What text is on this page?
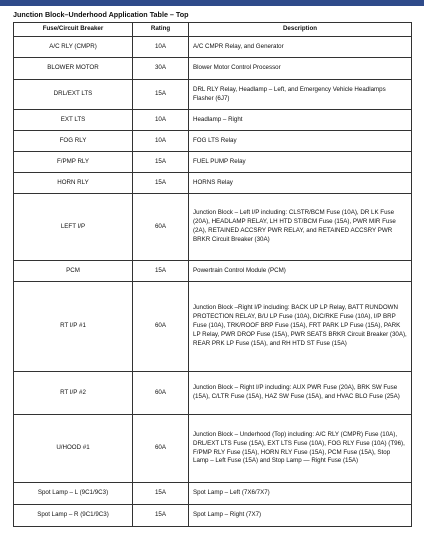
Junction Block–Underhood Application Table – Top
Fuse/Circuit Breaker	Rating	Description
A/C RLY (CMPR)	10A	A/C CMPR Relay, and Generator
BLOWER MOTOR	30A	Blower Motor Control Processor
DRL/EXT LTS	15A	DRL RLY Relay, Headlamp – Left, and Emergency Vehicle Headlamps Flasher (6J7)
EXT LTS	10A	Headlamp – Right
FOG RLY	10A	FOG LTS Relay
F/PMP RLY	15A	FUEL PUMP Relay
HORN RLY	15A	HORNS Relay
LEFT I/P	60A	Junction Block – Left I/P including: CLSTR/BCM Fuse (10A), DR LK Fuse (20A), HEADLAMP RELAY, LH HTD ST/BCM Fuse (15A), PWR MIR Fuse (2A), RETAINED ACCSRY PWR RELAY, and RETAINED ACCSRY PWR BRKR Circuit Breaker (30A)
PCM	15A	Powertrain Control Module (PCM)
RT I/P #1	60A	Junction Block –Right I/P including: BACK UP LP Relay, BATT RUNDOWN PROTECTION RELAY, B/U LP Fuse (10A), DIC/RKE Fuse (10A), I/P BRP Fuse (10A), TRK/ROOF BRP Fuse (15A), FRT PARK LP Fuse (15A), PARK LP Relay, PWR DROP Fuse (15A), PWR SEATS BRKR Circuit Breaker (30A), REAR PRK LP Fuse (15A), and RH HTD ST Fuse (15A)
RT I/P #2	60A	Junction Block – Right I/P including: AUX PWR Fuse (20A), BRK SW Fuse (15A), C/LTR Fuse (15A), HAZ SW Fuse (15A), and HVAC BLO Fuse (25A)
U/HOOD #1	60A	Junction Block – Underhood (Top) including: A/C RLY (CMPR) Fuse (10A), DRL/EXT LTS Fuse (15A), EXT LTS Fuse (10A), FOG RLY Fuse (10A) (T96), F/PMP RLY Fuse (15A), HORN RLY Fuse (15A), PCM Fuse (15A), Stop Lamp – Left Fuse (15A) and Stop Lamp — Right Fuse (15A)
Spot Lamp – L (9C1/9C3)	15A	Spot Lamp – Left (7X6/7X7)
Spot Lamp – R (9C1/9C3)	15A	Spot Lamp – Right (7X7)
